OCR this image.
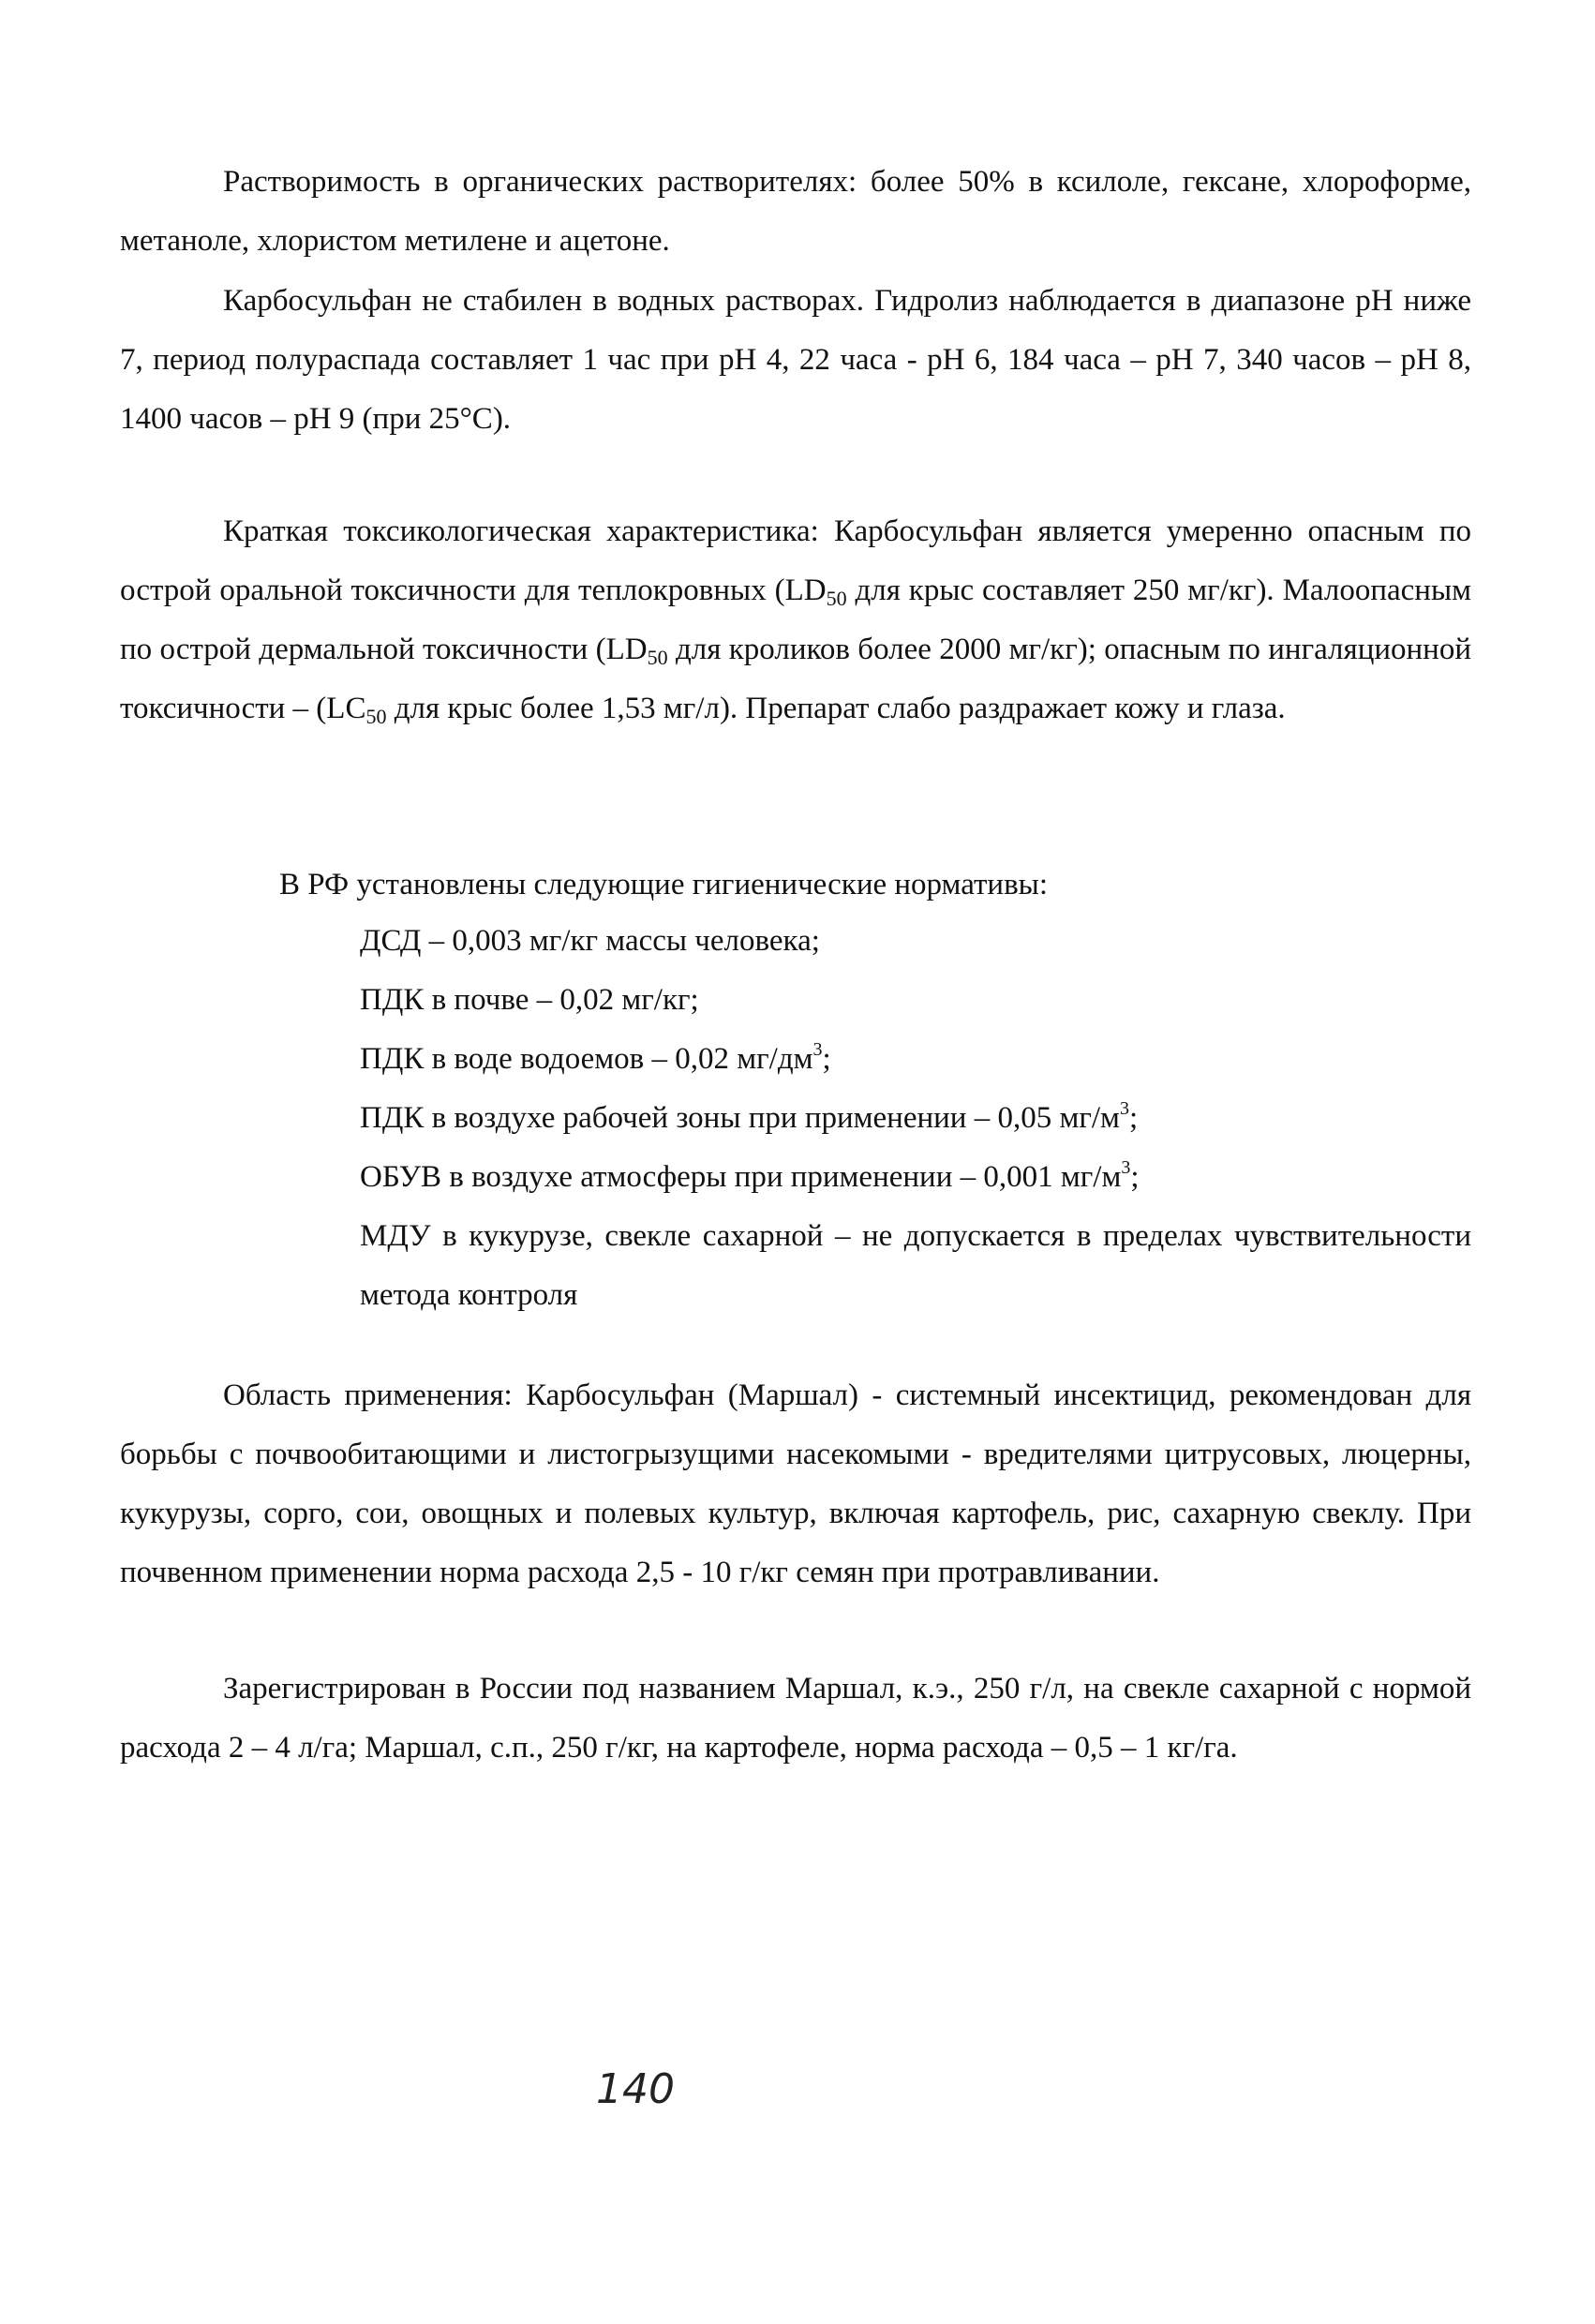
Растворимость в органических растворителях: более 50% в ксилоле, гексане, хлороформе, метаноле, хлористом метилене и ацетоне.

Карбосульфан не стабилен в водных растворах. Гидролиз наблюдается в диапазоне pH ниже 7, период полураспада составляет 1 час при pH 4, 22 часа - pH 6, 184 часа – pH 7, 340 часов – pH 8, 1400 часов – pH 9 (при 25°C).

Краткая токсикологическая характеристика: Карбосульфан является умеренно опасным по острой оральной токсичности для теплокровных ($LD_{50}$ для крыс составляет 250 мг/кг). Малоопасным по острой дермальной токсичности ($LD_{50}$ для кроликов более 2000 мг/кг); опасным по ингаляционной токсичности – ($LC_{50}$ для крыс более 1,53 мг/л). Препарат слабо раздражает кожу и глаза.

В РФ установлены следующие гигиенические нормативы:

ДСД – 0,003 мг/кг массы человека;
ПДК в почве – 0,02 мг/кг;
ПДК в воде водоемов – 0,02 $мг/дм^3$;
ПДК в воздухе рабочей зоны при применении – 0,05 $мг/м^3$;
ОБУВ в воздухе атмосферы при применении – 0,001 $мг/м^3$;
МДУ в кукурузе, свекле сахарной – не допускается в пределах чувствительности метода контроля

Область применения: Карбосульфан (Маршал) - системный инсектицид, рекомендован для борьбы с почвообитающими и листогрызущими насекомыми - вредителями цитрусовых, люцерны, кукурузы, сорго, сои, овощных и полевых культур, включая картофель, рис, сахарную свеклу. При почвенном применении норма расхода 2,5 - 10 г/кг семян при протравливании.

Зарегистрирован в России под названием Маршал, к.э., 250 г/л, на свекле сахарной с нормой расхода 2 – 4 л/га; Маршал, с.п., 250 г/кг, на картофеле, норма расхода – 0,5 – 1 кг/га.

140
